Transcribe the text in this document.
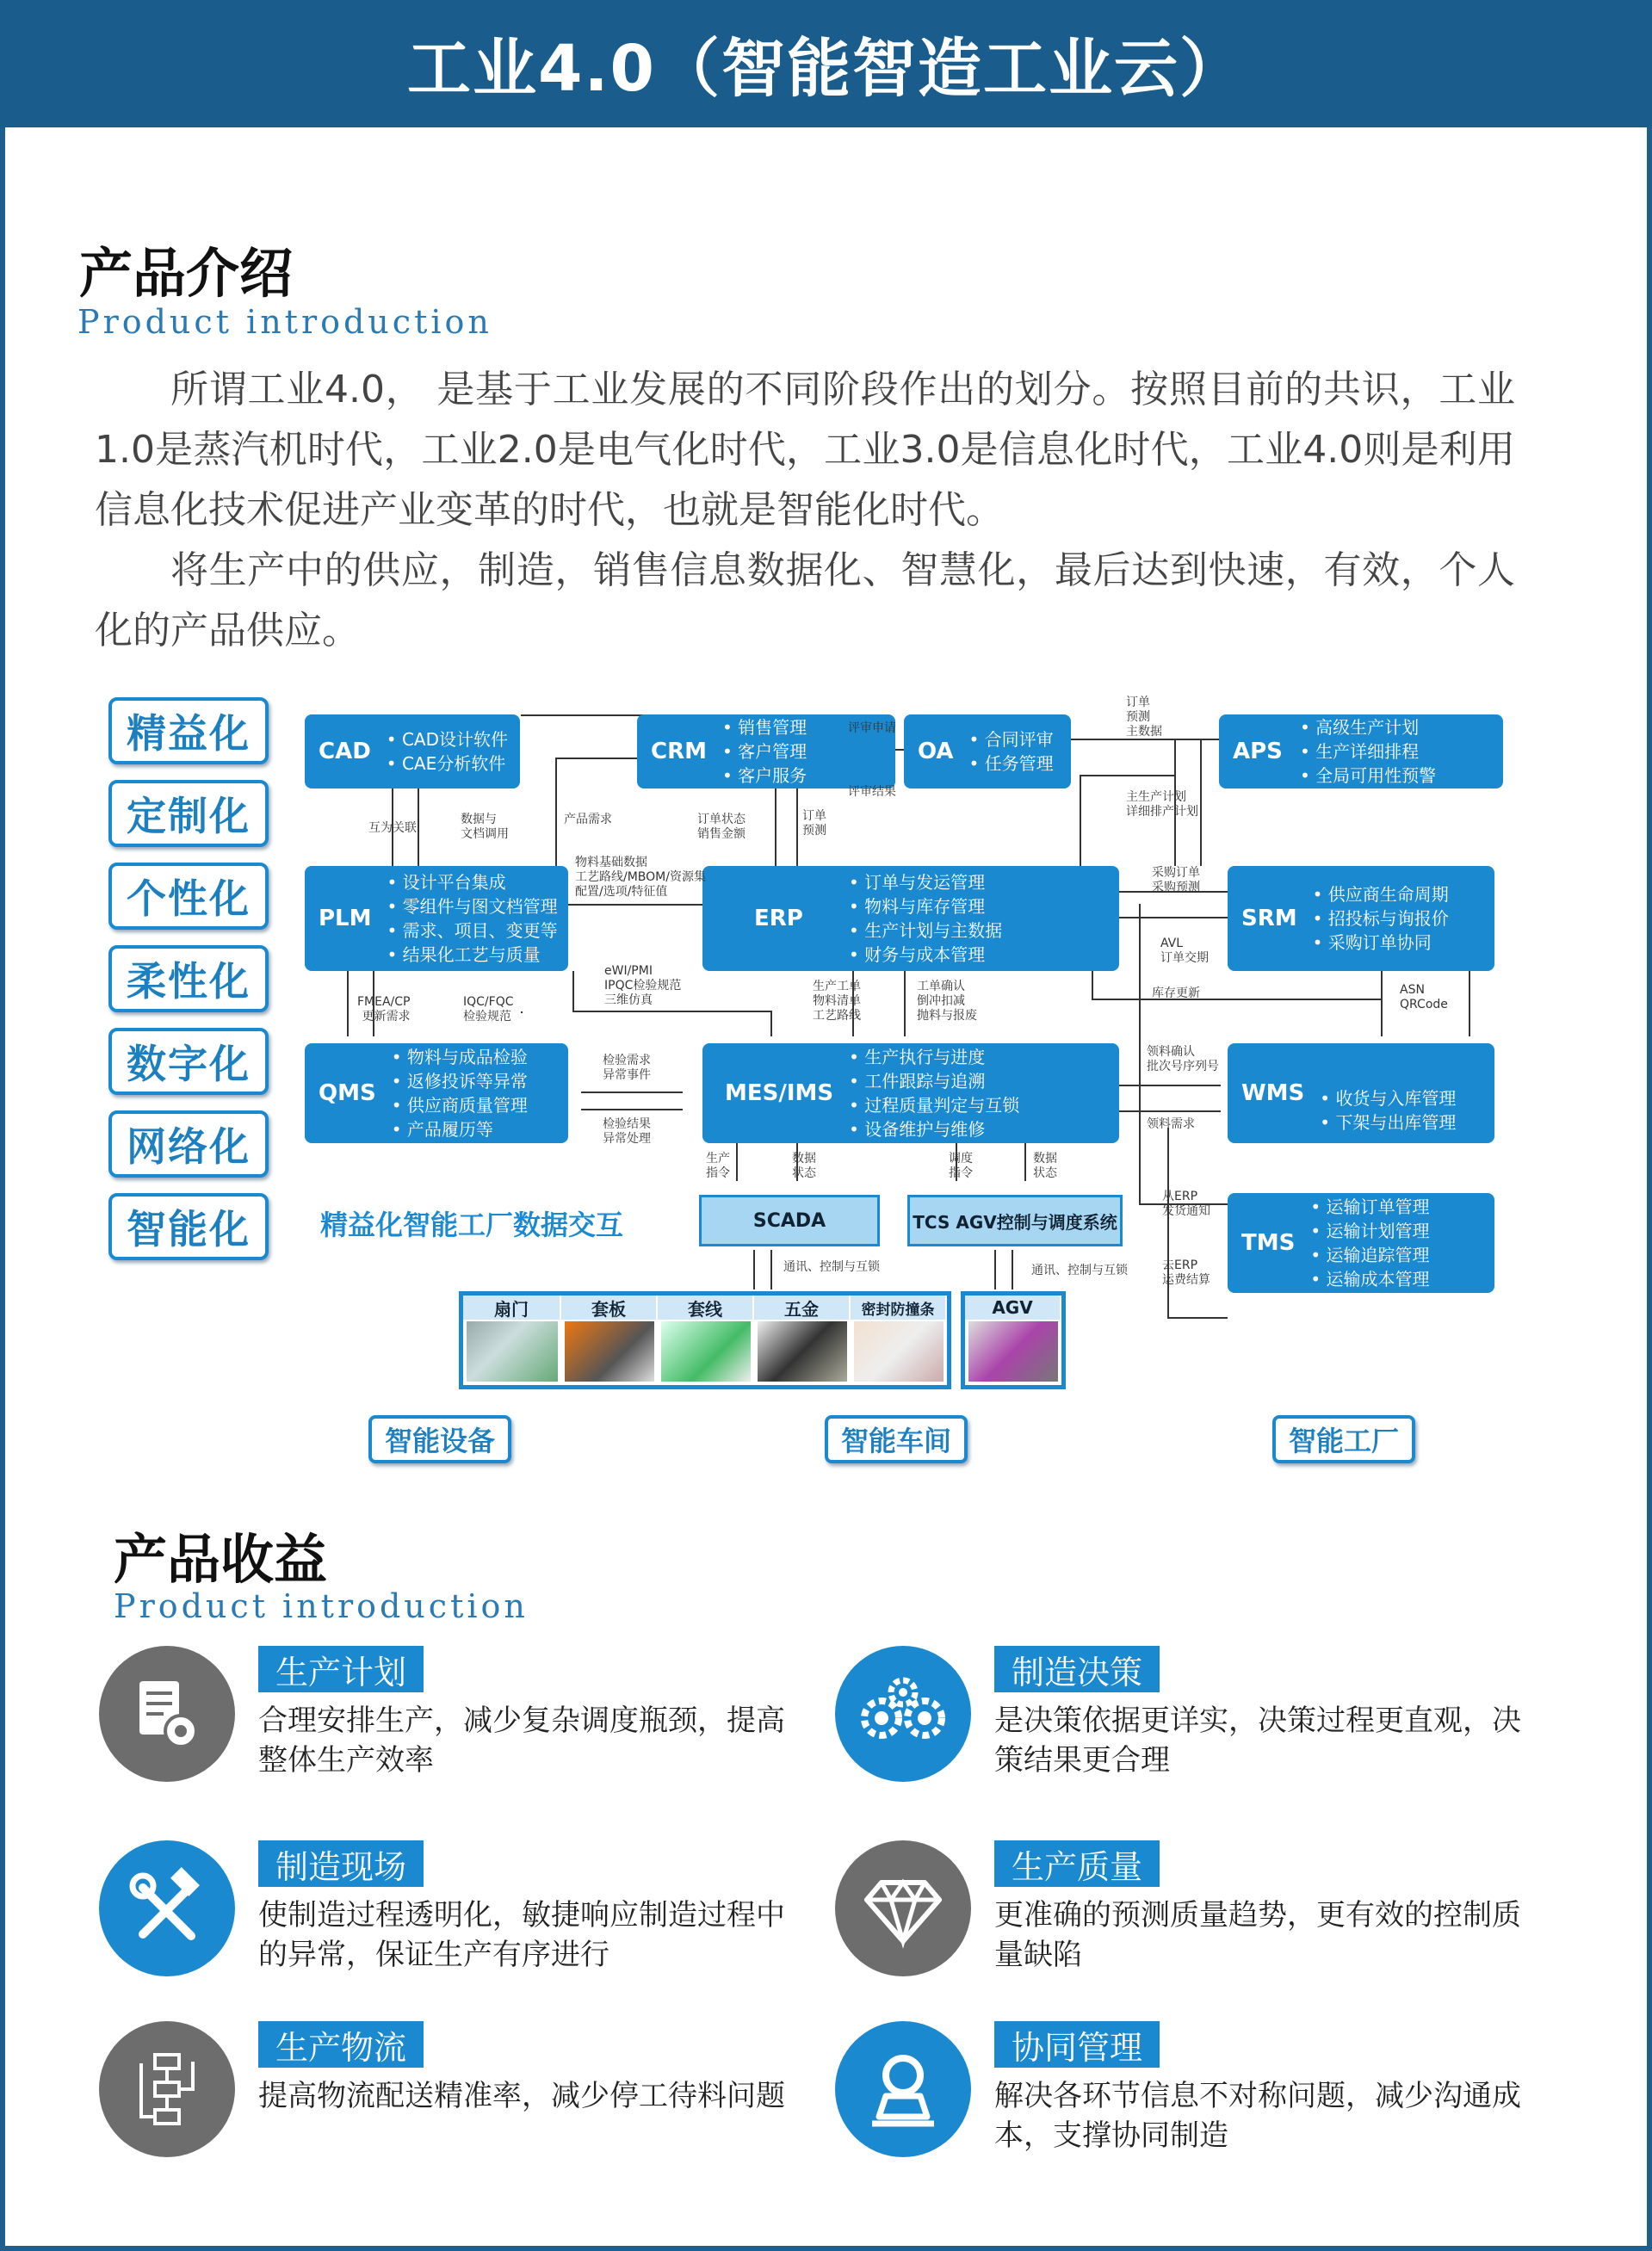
工业4.0（智能智造工业云）
产品介绍
Product introduction

所谓工业4.0， 是基于工业发展的不同阶段作出的划分。按照目前的共识，工业1.0是蒸汽机时代，工业2.0是电气化时代，工业3.0是信息化时代，工业4.0则是利用信息化技术促进产业变革的时代，也就是智能化时代。

将生产中的供应，制造，销售信息数据化、智慧化，最后达到快速，有效，个人化的产品供应。

精益化
定制化
个性化
柔性化
数字化
网络化
智能化
CAD	• CAD设计软件
• CAE分析软件	CRM
• 销售管理
• 客户管理
• 客户服务
OA	• 合同评审
• 任务管理	APS
• 高级生产计划
• 生产详细排程
• 全局可用性预警
PLM
• 设计平台集成
• 零组件与图文档管理
• 需求、项目、变更等
• 结果化工艺与质量
ERP
• 订单与发运管理
• 物料与库存管理
• 生产计划与主数据
• 财务与成本管理
SRM
• 供应商生命周期
• 招投标与询报价
• 采购订单协同
QMS
• 物料与成品检验
• 返修投诉等异常
• 供应商质量管理
• 产品履历等
MES/IMS
• 生产执行与进度
• 工件跟踪与追溯
• 过程质量判定与互锁
• 设备维护与维修
WMS	• 收货与入库管理
• 下架与出库管理
TMS
• 运输订单管理
• 运输计划管理
• 运输追踪管理
• 运输成本管理
评审申请
评审结果
订单
预测
主数据
主生产计划
详细排产计划
互为关联
数据与
文档调用
产品需求
物料基础数据
工艺路线/MBOM/资源集
配置/选项/特征值
订单状态
销售金额
订单
预测
采购订单
采购预测
AVL
订单交期
库存更新	ASN
QRCode
FMEA/CP
更新需求
IQC/FQC
检验规范
eWI/PMI
IPQC检验规范
三维仿真
生产工单
物料清单
工艺路线
工单确认
倒冲扣减
抛料与报废
检验需求
异常事件
检验结果
异常处理
领料确认
批次号序列号
领料需求
从ERP
发货通知
去ERP
运费结算
生产
指令
数据
状态
调度
指令
数据
状态
通讯、控制与互锁	通讯、控制与互锁
精益化智能工厂数据交互	SCADA	TCS AGV控制与调度系统
扇门	套板	套线	五金	密封防撞条	AGV
智能设备	智能车间	智能工厂
产品收益
Product introduction
生产计划
合理安排生产，减少复杂调度瓶颈，提高整体生产效率
制造决策
是决策依据更详实，决策过程更直观，决策结果更合理
制造现场
使制造过程透明化，敏捷响应制造过程中的异常，保证生产有序进行
生产质量
更准确的预测质量趋势，更有效的控制质量缺陷
生产物流
提高物流配送精准率，减少停工待料问题
协同管理
解决各环节信息不对称问题，减少沟通成本，支撑协同制造
